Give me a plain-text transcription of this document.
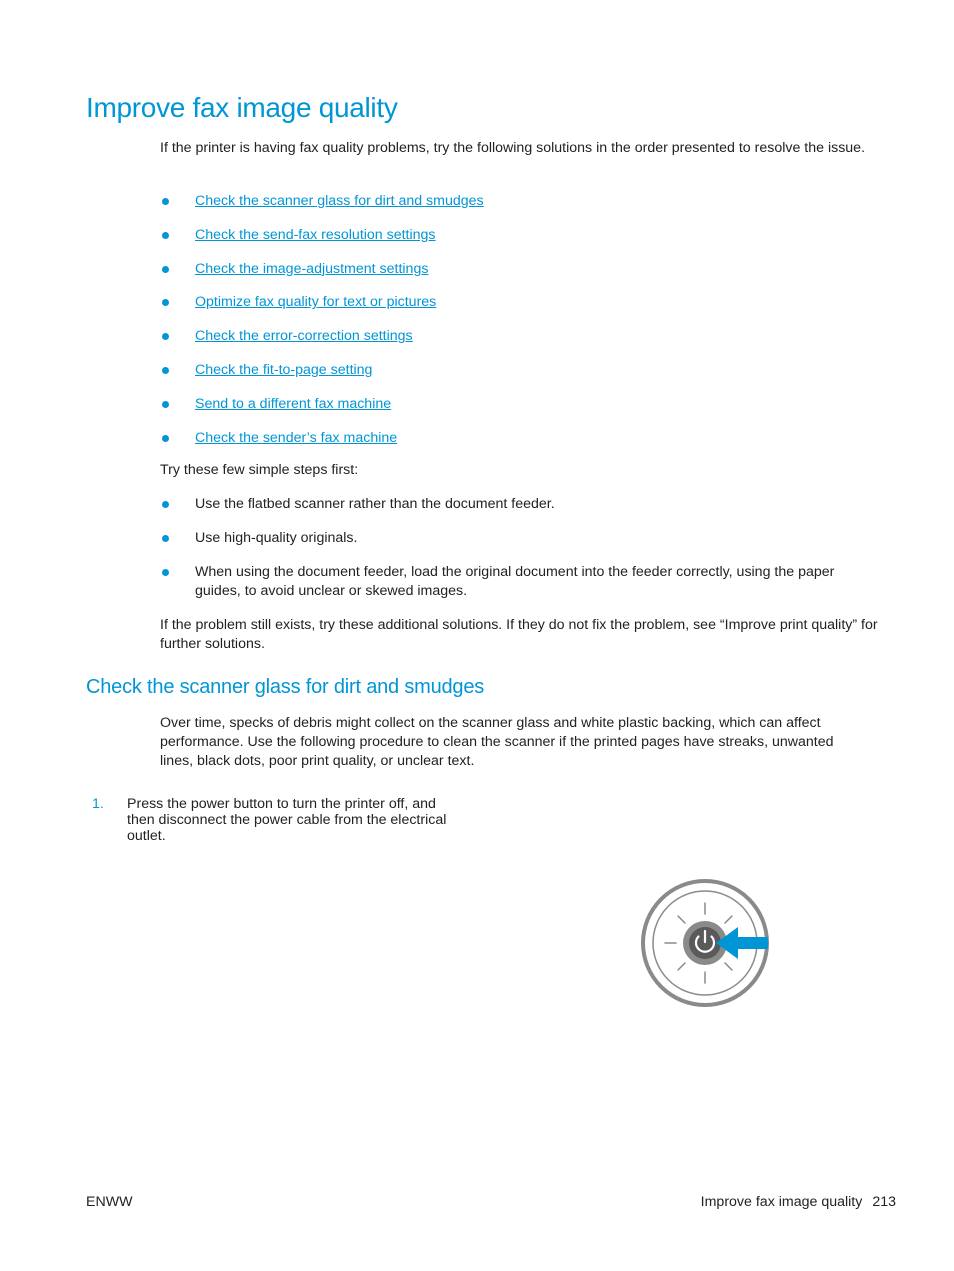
Improve fax image quality

If the printer is having fax quality problems, try the following solutions in the order presented to resolve the issue.

Check the scanner glass for dirt and smudges
Check the send-fax resolution settings
Check the image-adjustment settings
Optimize fax quality for text or pictures
Check the error-correction settings
Check the fit-to-page setting
Send to a different fax machine
Check the sender’s fax machine

Try these few simple steps first:

Use the flatbed scanner rather than the document feeder.
Use high-quality originals.
When using the document feeder, load the original document into the feeder correctly, using the paper guides, to avoid unclear or skewed images.

If the problem still exists, try these additional solutions. If they do not fix the problem, see “Improve print quality” for further solutions.

Check the scanner glass for dirt and smudges

Over time, specks of debris might collect on the scanner glass and white plastic backing, which can affect performance. Use the following procedure to clean the scanner if the printed pages have streaks, unwanted lines, black dots, poor print quality, or unclear text.

1. Press the power button to turn the printer off, and then disconnect the power cable from the electrical outlet.
ENWW	Improve fax image quality 213
